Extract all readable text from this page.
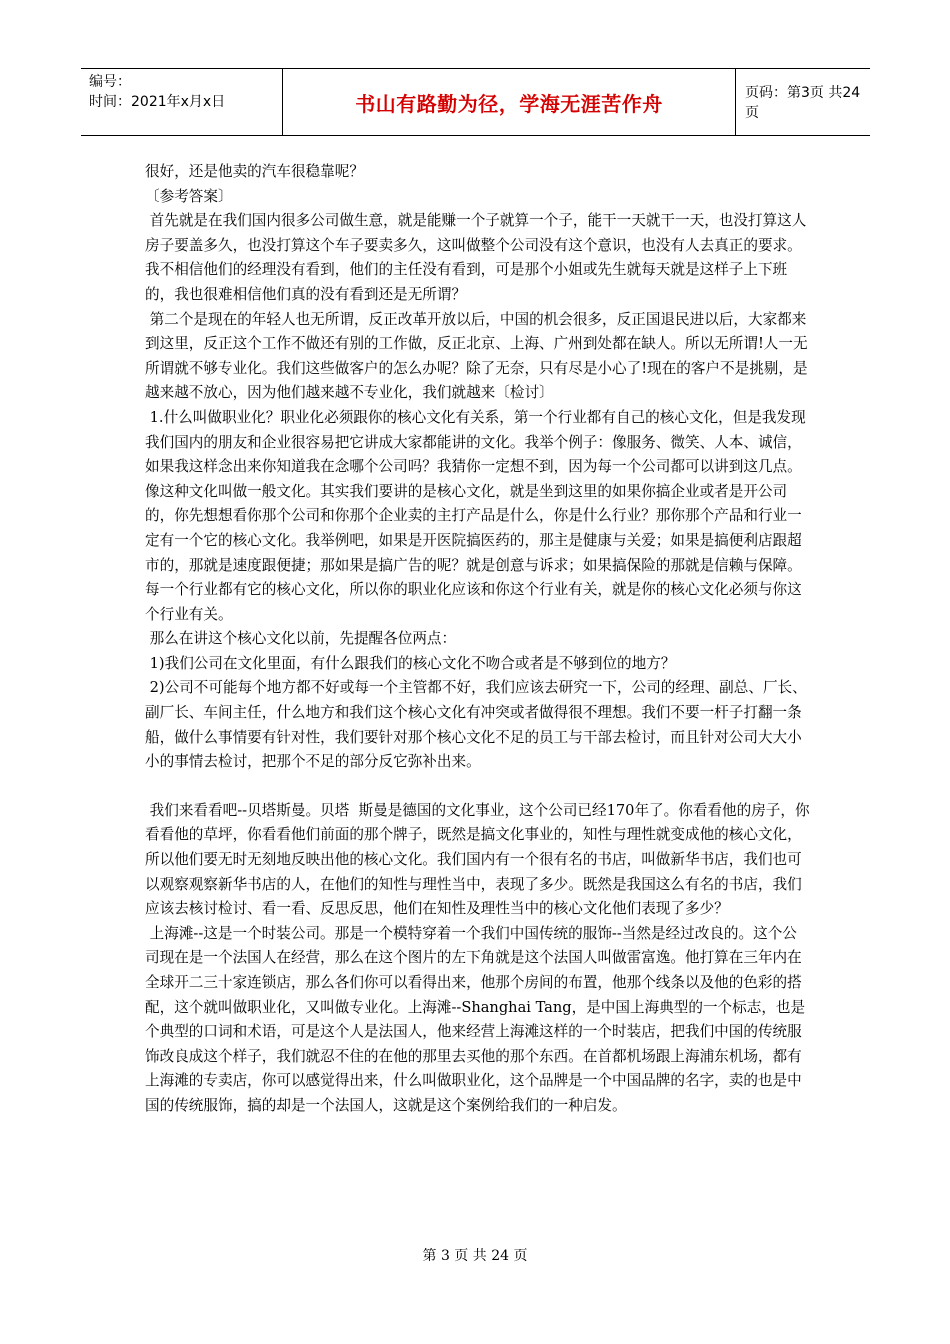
编号：
时间：2021年x月x日	书山有路勤为径，学海无涯苦作舟	页码：第3页 共24页

很好，还是他卖的汽车很稳靠呢？

〔参考答案〕

首先就是在我们国内很多公司做生意，就是能赚一个子就算一个子，能干一天就干一天，也没打算这人房子要盖多久，也没打算这个车子要卖多久，这叫做整个公司没有这个意识，也没有人去真正的要求。我不相信他们的经理没有看到，他们的主任没有看到，可是那个小姐或先生就每天就是这样子上下班的，我也很难相信他们真的没有看到还是无所谓？

第二个是现在的年轻人也无所谓，反正改革开放以后，中国的机会很多，反正国退民进以后，大家都来到这里，反正这个工作不做还有别的工作做，反正北京、上海、广州到处都在缺人。所以无所谓!人一无所谓就不够专业化。我们这些做客户的怎么办呢？除了无奈，只有尽是小心了!现在的客户不是挑剔，是越来越不放心，因为他们越来越不专业化，我们就越来〔检讨〕

1.什么叫做职业化？职业化必须跟你的核心文化有关系，第一个行业都有自己的核心文化，但是我发现我们国内的朋友和企业很容易把它讲成大家都能讲的文化。我举个例子：像服务、微笑、人本、诚信，如果我这样念出来你知道我在念哪个公司吗？我猜你一定想不到，因为每一个公司都可以讲到这几点。像这种文化叫做一般文化。其实我们要讲的是核心文化，就是坐到这里的如果你搞企业或者是开公司的，你先想想看你那个公司和你那个企业卖的主打产品是什么，你是什么行业？那你那个产品和行业一定有一个它的核心文化。我举例吧，如果是开医院搞医药的，那主是健康与关爱；如果是搞便利店跟超市的，那就是速度跟便捷；那如果是搞广告的呢？就是创意与诉求；如果搞保险的那就是信赖与保障。每一个行业都有它的核心文化，所以你的职业化应该和你这个行业有关，就是你的核心文化必须与你这个行业有关。

那么在讲这个核心文化以前，先提醒各位两点：

1)我们公司在文化里面，有什么跟我们的核心文化不吻合或者是不够到位的地方？

2)公司不可能每个地方都不好或每一个主管都不好，我们应该去研究一下，公司的经理、副总、厂长、副厂长、车间主任，什么地方和我们这个核心文化有冲突或者做得很不理想。我们不要一杆子打翻一条船，做什么事情要有针对性，我们要针对那个核心文化不足的员工与干部去检讨，而且针对公司大大小小的事情去检讨，把那个不足的部分反它弥补出来。

我们来看看吧--贝塔斯曼。贝塔  斯曼是德国的文化事业，这个公司已经170年了。你看看他的房子，你看看他的草坪，你看看他们前面的那个牌子，既然是搞文化事业的，知性与理性就变成他的核心文化，所以他们要无时无刻地反映出他的核心文化。我们国内有一个很有名的书店，叫做新华书店，我们也可以观察观察新华书店的人，在他们的知性与理性当中，表现了多少。既然是我国这么有名的书店，我们应该去核讨检讨、看一看、反思反思，他们在知性及理性当中的核心文化他们表现了多少？

上海滩--这是一个时装公司。那是一个模特穿着一个我们中国传统的服饰--当然是经过改良的。这个公司现在是一个法国人在经营，那么在这个图片的左下角就是这个法国人叫做雷富逸。他打算在三年内在全球开二三十家连锁店，那么各们你可以看得出来，他那个房间的布置，他那个线条以及他的色彩的搭配，这个就叫做职业化，又叫做专业化。上海滩--Shanghai Tang，是中国上海典型的一个标志，也是个典型的口词和术语，可是这个人是法国人，他来经营上海滩这样的一个时装店，把我们中国的传统服饰改良成这个样子，我们就忍不住的在他的那里去买他的那个东西。在首都机场跟上海浦东机场，都有上海滩的专卖店，你可以感觉得出来，什么叫做职业化，这个品牌是一个中国品牌的名字，卖的也是中国的传统服饰，搞的却是一个法国人，这就是这个案例给我们的一种启发。

第 3 页 共 24 页
